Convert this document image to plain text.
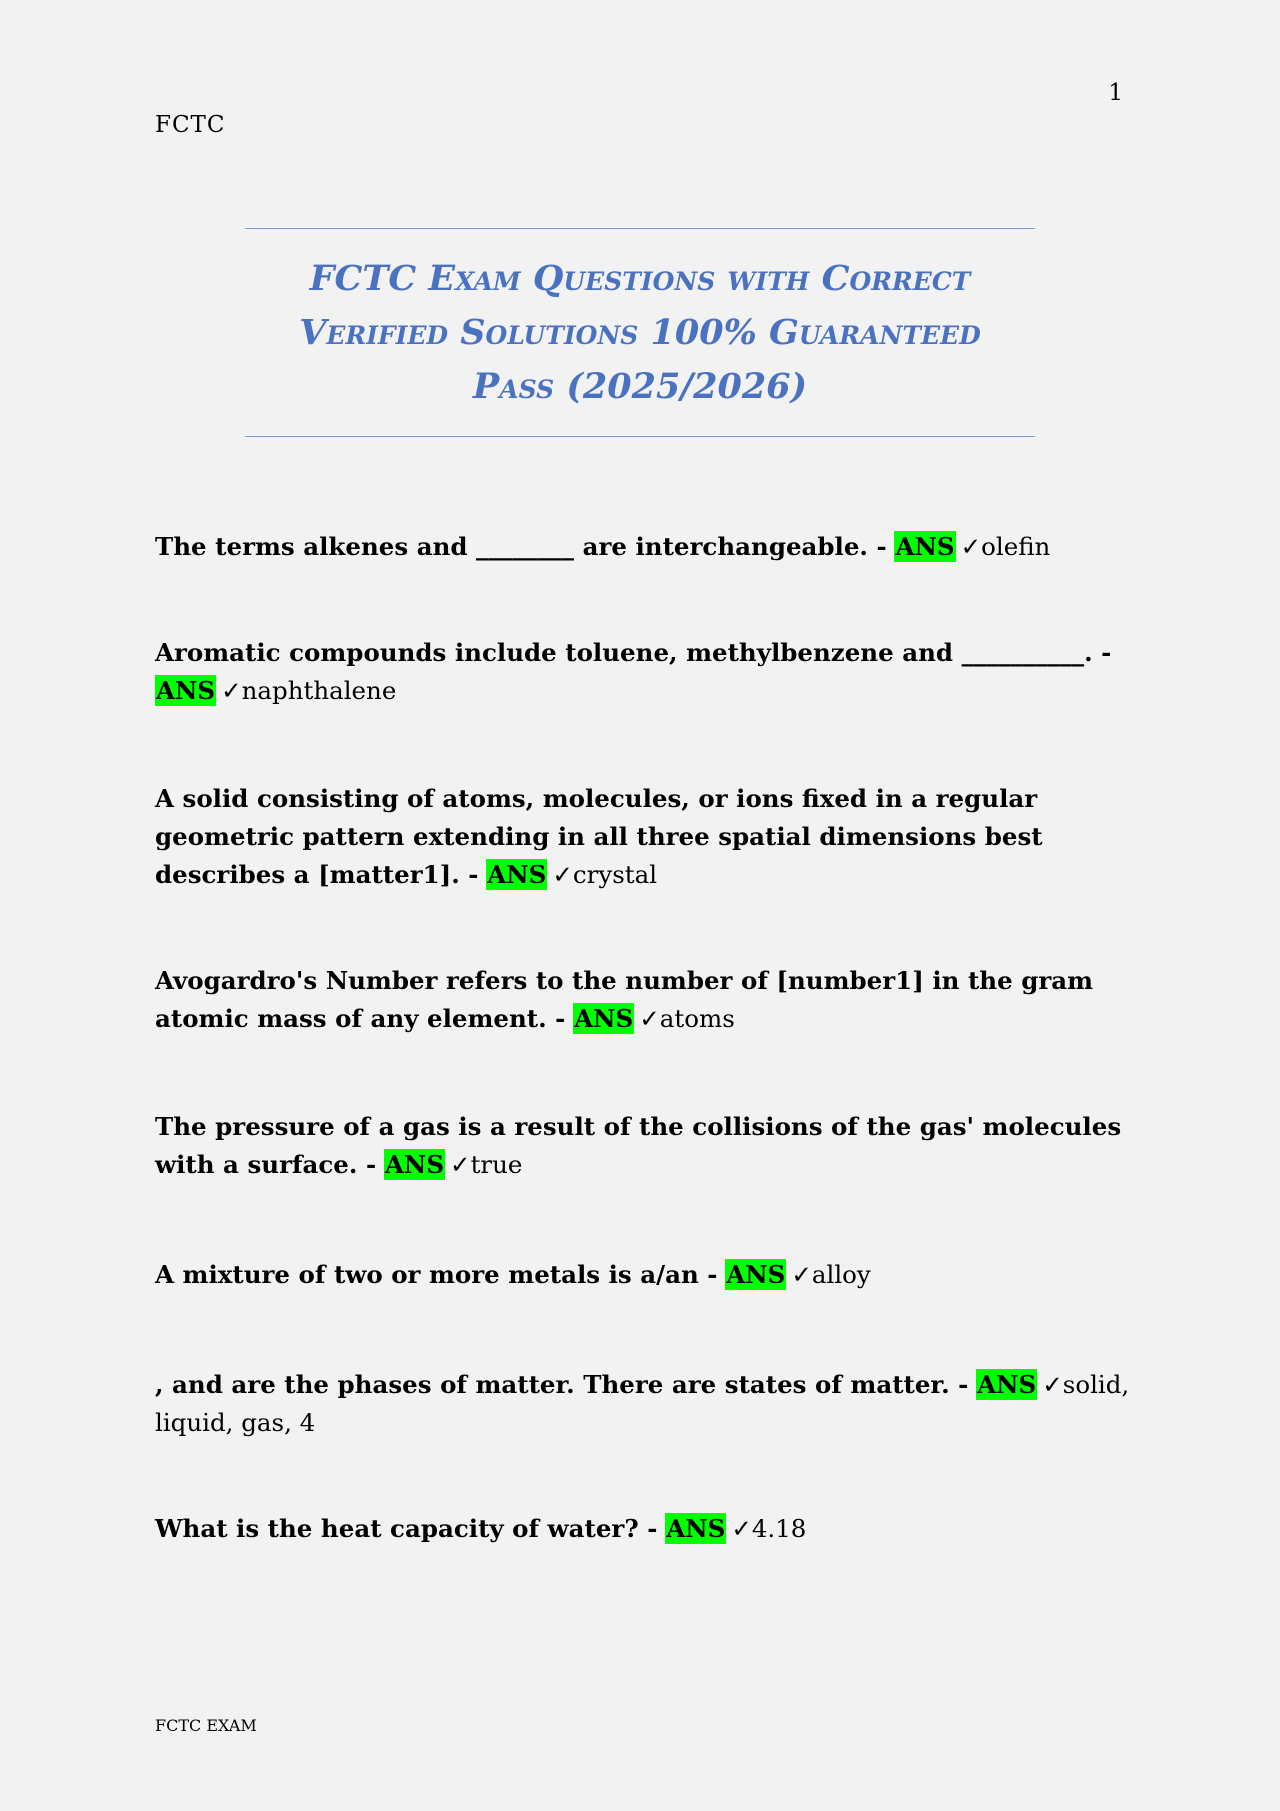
1
FCTC
FCTC Exam Questions with Correct Verified Solutions 100% Guaranteed Pass (2025/2026)

The terms alkenes and ________ are interchangeable. - ANS ✓olefin

Aromatic compounds include toluene, methylbenzene and __________. - ANS ✓naphthalene

A solid consisting of atoms, molecules, or ions fixed in a regular geometric pattern extending in all three spatial dimensions best describes a [matter1]. - ANS ✓crystal

Avogardro's Number refers to the number of [number1] in the gram atomic mass of any element. - ANS ✓atoms

The pressure of a gas is a result of the collisions of the gas' molecules with a surface. - ANS ✓true

A mixture of two or more metals is a/an - ANS ✓alloy

, and are the phases of matter. There are states of matter. - ANS ✓solid, liquid, gas, 4

What is the heat capacity of water? - ANS ✓4.18

FCTC EXAM
